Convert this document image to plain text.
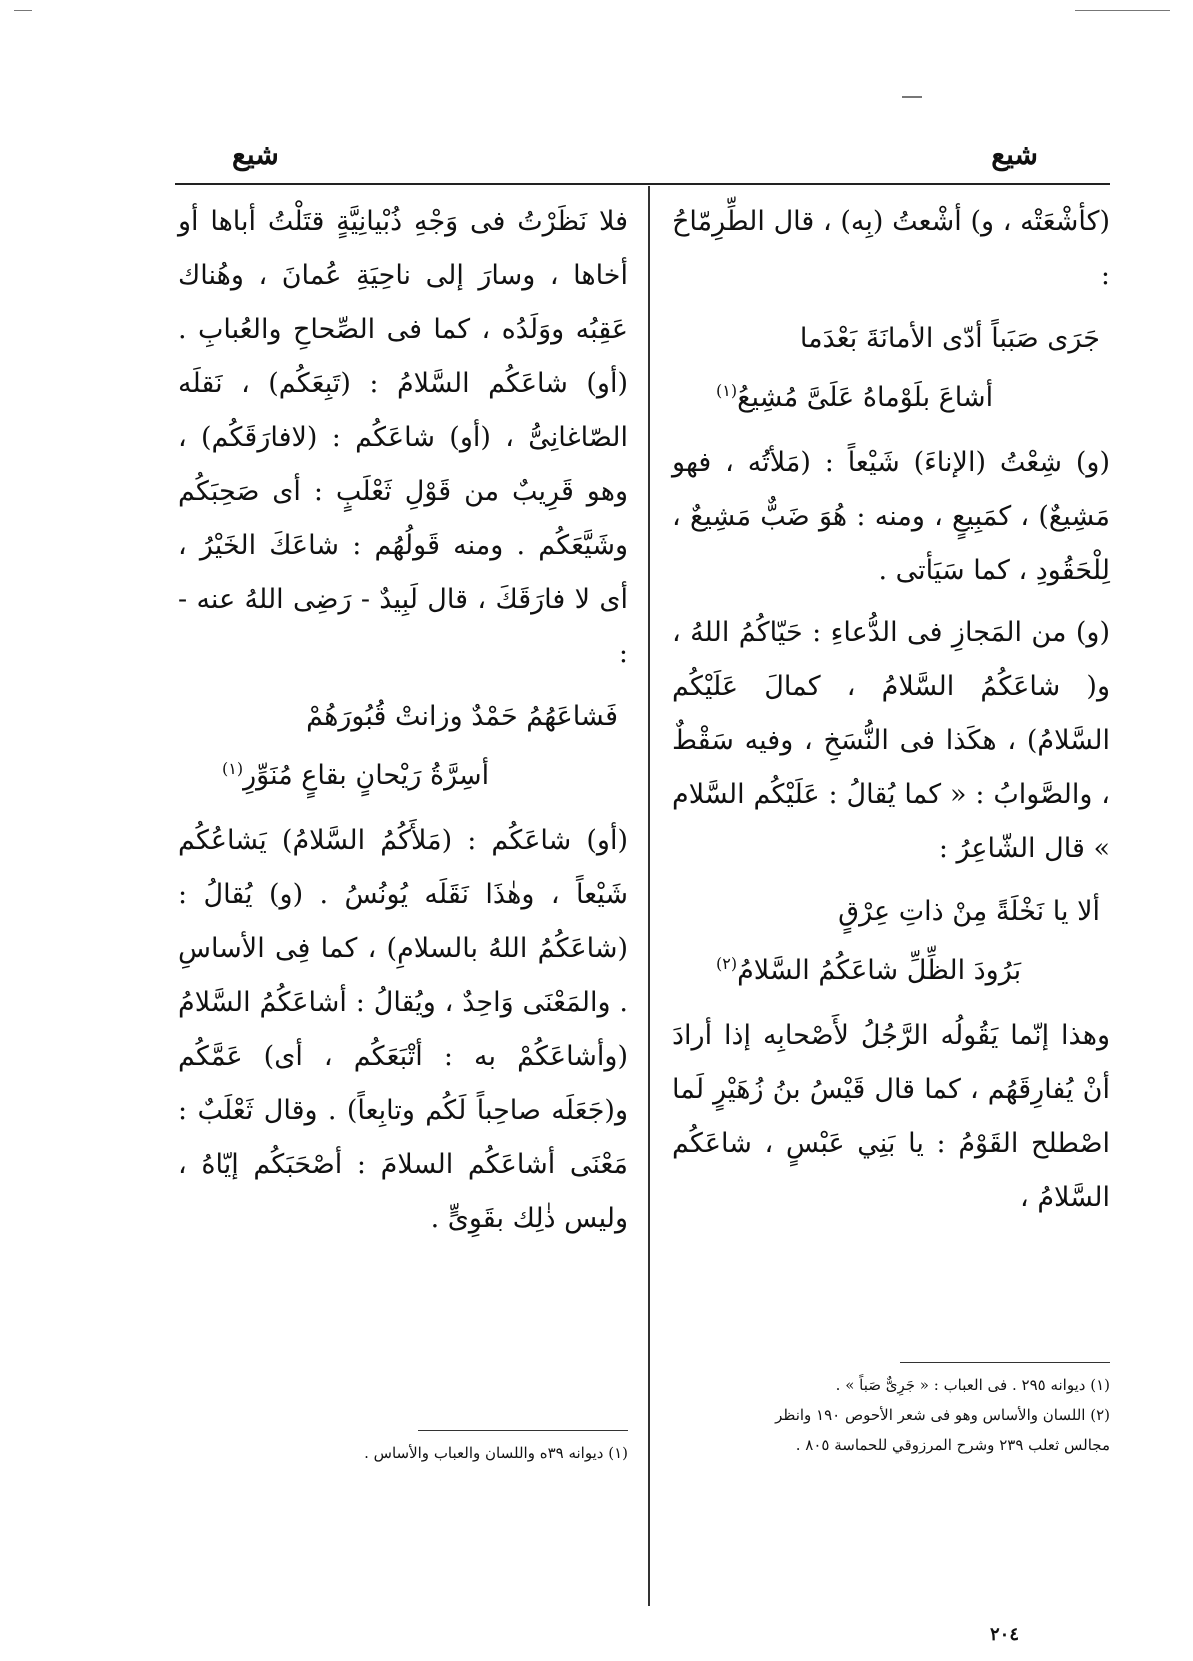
شيع
شيع

(كأشْعَتْه ، و) أشْعتُ (بِه) ، قال الطِّرِمّاحُ :

جَرَى صَبَباً أدّى الأمانَةَ بَعْدَما
أشاعَ بلَوْماهُ عَلَىَّ مُشِيعُ$^{(١)}$

(و) شِعْتُ (الإناءَ) شَيْعاً : (مَلأتُه ، فهو مَشِيعٌ) ، كمَبِيعٍ ، ومنه : هُوَ ضَبٌّ مَشِيعٌ ، لِلْحَقُودِ ، كما سَيَأتى .

(و) من المَجازِ فى الدُّعاءِ : حَيّاكُمُ اللهُ ، و( شاعَكُمُ السَّلامُ ، كمالَ عَلَيْكُم السَّلامُ) ، هكَذا فى النُّسَخِ ، وفيه سَقْطٌ ، والصَّوابُ : « كما يُقالُ : عَلَيْكُم السَّلام » قال الشّاعِرُ :

ألا يا نَخْلَةً مِنْ ذاتِ عِرْقٍ
بَرُودَ الظِّلِّ شاعَكُمُ السَّلامُ$^{(٢)}$

وهذا إنّما يَقُولُه الرَّجُلُ لأَصْحابِه إذا أرادَ أنْ يُفارِقَهُم ، كما قال قَيْسُ بنُ زُهَيْرٍ لَما اصْطلح القَوْمُ : يا بَنِي عَبْسٍ ، شاعَكُم السَّلامُ ،

فلا نَظَرْتُ فى وَجْهِ ذُبْيانِيَّةٍ قتَلْتُ أباها أو أخاها ، وسارَ إلى ناحِيَةِ عُمانَ ، وهُناك عَقِبُه ووَلَدُه ، كما فى الصِّحاحِ والعُبابِ . (أو) شاعَكُم السَّلامُ : (تَبِعَكُم) ، نَقلَه الصّاغانِىُّ ، (أو) شاعَكُم : (لافارَقَكُم) ، وهو قَرِيبٌ من قَوْلِ ثَعْلَبٍ : أى صَحِبَكُم وشَيَّعَكُم . ومنه قَولُهُم : شاعَكَ الخَيْرُ ، أى لا فارَقَكَ ، قال لَبِيدٌ - رَضِى اللهُ عنه - :

فَشاعَهُمُ حَمْدٌ وزانتْ قُبُورَهُمْ
أسِرَّةُ رَيْحانٍ بقاعٍ مُنَوِّرِ$^{(١)}$

(أو) شاعَكُم : (مَلأَكُمُ السَّلامُ) يَشاعُكُم شَيْعاً ، وهٰذَا نَقَلَه يُونُسُ . (و) يُقالُ : (شاعَكُمُ اللهُ بالسلامِ) ، كما فِى الأساسِ . والمَعْنَى وَاحِدٌ ، ويُقالُ : أشاعَكُمُ السَّلامُ (وأشاعَكُمْ به : أتْبَعَكُم ، أى) عَمَّكُم و(جَعَلَه صاحِباً لَكُم وتابِعاً) . وقال ثَعْلَبٌ : مَعْنَى أشاعَكُم السلامَ : أصْحَبَكُم إيّاهُ ، وليس ذٰلِك بقَوِىٍّ .

(١) ديوانه ٢٩٥ . فى العباب : « جَرِىٌّ صَباً » .
(٢) اللسان والأساس وهو فى شعر الأحوص ١٩٠ وانظر
مجالس ثعلب ٢٣٩ وشرح المرزوقي للحماسة ٨٠٥ .
(١) ديوانه ٣٩ه واللسان والعباب والأساس .
٢٠٤
